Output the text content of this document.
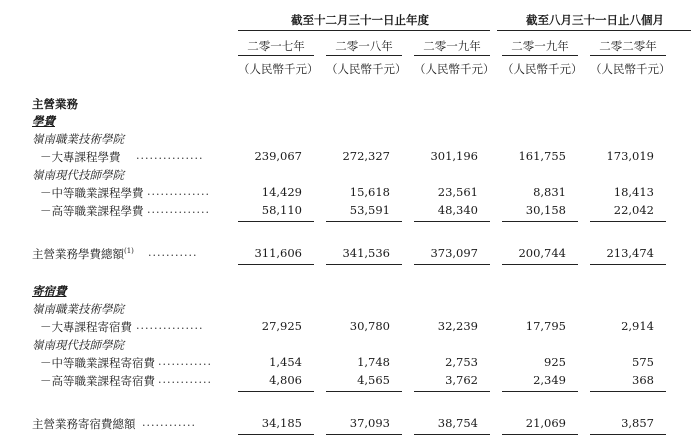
截至十二月三十一日止年度	截至八月三十一日止八個月
二零一七年	二零一八年	二零一九年	二零一九年	二零二零年
（人民幣千元） （人民幣千元） （人民幣千元） （人民幣千元） （人民幣千元）
主營業務
學費
嶺南職業技術學院
－大專課程學費 ...............	239,067	272,327	301,196	161,755	173,019
嶺南現代技師學院
－中等職業課程學費 ..............	14,429	15,618	23,561	8,831	18,413
－高等職業課程學費 ..............	58,110	53,591	48,340	30,158	22,042
主營業務學費總額$^{(1)}$ ...........	311,606	341,536	373,097	200,744	213,474
寄宿費
嶺南職業技術學院
－大專課程寄宿費 ...............	27,925	30,780	32,239	17,795	2,914
嶺南現代技師學院
－中等職業課程寄宿費 ............	1,454	1,748	2,753	925	575
－高等職業課程寄宿費 ............	4,806	4,565	3,762	2,349	368
主營業務寄宿費總額 ............	34,185	37,093	38,754	21,069	3,857
